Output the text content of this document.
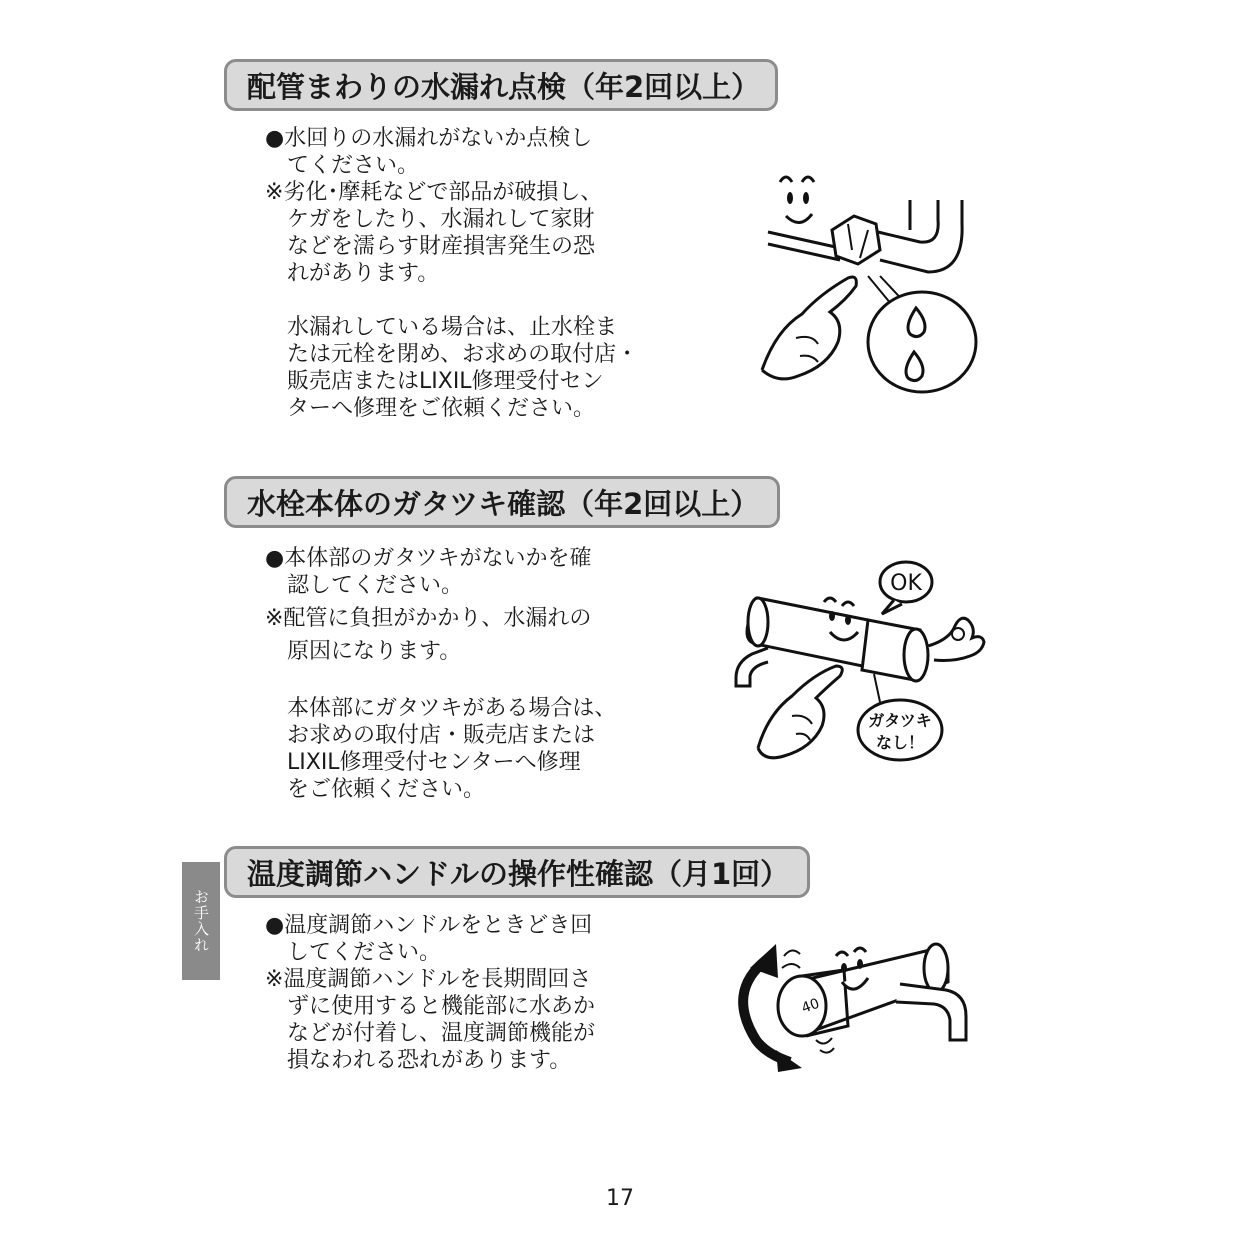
配管まわりの水漏れ点検（年2回以上）
●水回りの水漏れがないか点検し
てください。
※劣化･摩耗などで部品が破損し、
ケガをしたり、水漏れして家財
などを濡らす財産損害発生の恐
れがあります。
水漏れしている場合は、止水栓ま
たは元栓を閉め、お求めの取付店・
販売店またはLIXIL修理受付セン
ターへ修理をご依頼ください。
水栓本体のガタツキ確認（年2回以上）
●本体部のガタツキがないかを確
認してください。
※配管に負担がかかり、水漏れの
原因になります。
本体部にガタツキがある場合は、
お求めの取付店・販売店または
LIXIL修理受付センターへ修理
をご依頼ください。
OK
ガタツキ
なし！
温度調節ハンドルの操作性確認（月1回）
お手入れ	●温度調節ハンドルをときどき回
してください。
※温度調節ハンドルを長期間回さ
ずに使用すると機能部に水あか
などが付着し、温度調節機能が
損なわれる恐れがあります。
40
17
